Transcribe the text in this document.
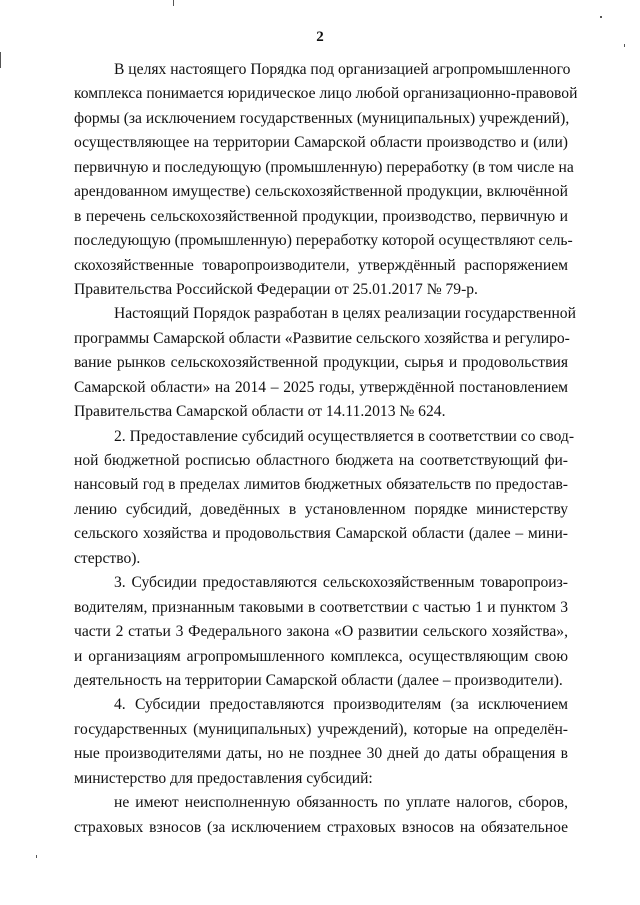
2
В целях настоящего Порядка под организацией агропромышленного
комплекса понимается юридическое лицо любой организационно-правовой
формы (за исключением государственных (муниципальных) учреждений),
осуществляющее на территории Самарской области производство и (или)
первичную и последующую (промышленную) переработку (в том числе на
арендованном имуществе) сельскохозяйственной продукции, включённой
в перечень сельскохозяйственной продукции, производство, первичную и
последующую (промышленную) переработку которой осуществляют сель-
скохозяйственные товаропроизводители, утверждённый распоряжением
Правительства Российской Федерации от 25.01.2017 № 79-р.
Настоящий Порядок разработан в целях реализации государственной
программы Самарской области «Развитие сельского хозяйства и регулиро-
вание рынков сельскохозяйственной продукции, сырья и продовольствия
Самарской области» на 2014 – 2025 годы, утверждённой постановлением
Правительства Самарской области от 14.11.2013 № 624.
2. Предоставление субсидий осуществляется в соответствии со свод-
ной бюджетной росписью областного бюджета на соответствующий фи-
нансовый год в пределах лимитов бюджетных обязательств по предостав-
лению субсидий, доведённых в установленном порядке министерству
сельского хозяйства и продовольствия Самарской области (далее – мини-
стерство).
3. Субсидии предоставляются сельскохозяйственным товаропроиз-
водителям, признанным таковыми в соответствии с частью 1 и пунктом 3
части 2 статьи 3 Федерального закона «О развитии сельского хозяйства»,
и организациям агропромышленного комплекса, осуществляющим свою
деятельность на территории Самарской области (далее – производители).
4. Субсидии предоставляются производителям (за исключением
государственных (муниципальных) учреждений), которые на определён-
ные производителями даты, но не позднее 30 дней до даты обращения в
министерство для предоставления субсидий:
не имеют неисполненную обязанность по уплате налогов, сборов,
страховых взносов (за исключением страховых взносов на обязательное
